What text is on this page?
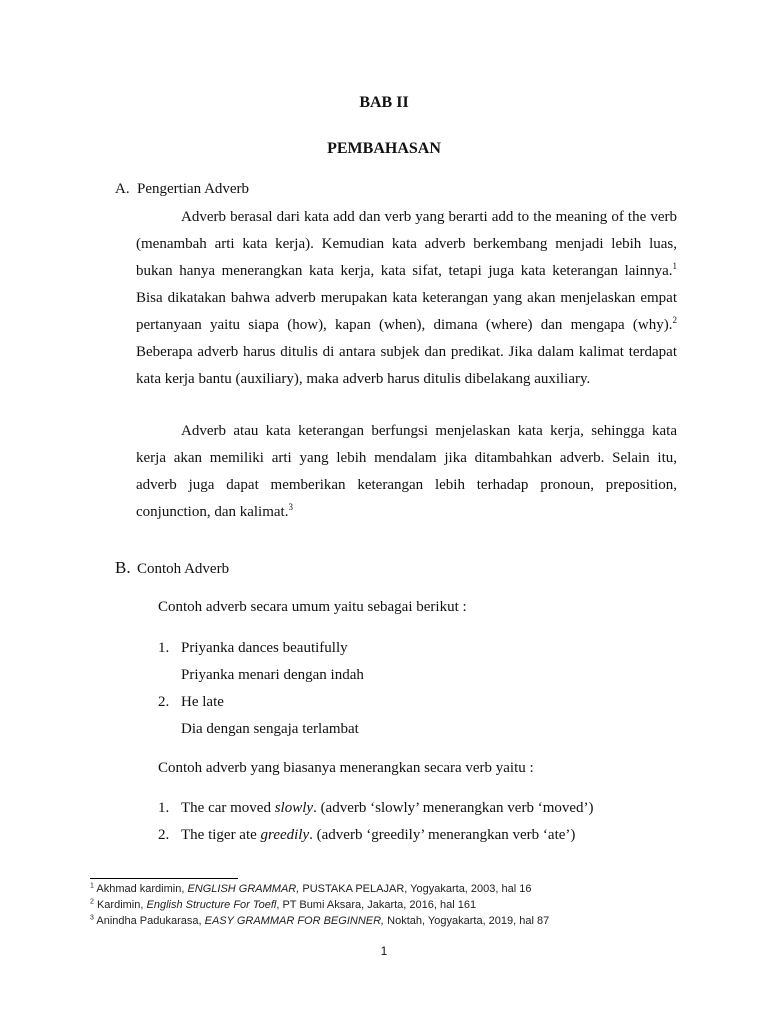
BAB II
PEMBAHASAN
A. Pengertian Adverb
Adverb berasal dari kata add dan verb yang berarti add to the meaning of the verb
(menambah arti kata kerja). Kemudian kata adverb berkembang menjadi lebih luas,
bukan hanya menerangkan kata kerja, kata sifat, tetapi juga kata keterangan lainnya.$^1$
Bisa dikatakan bahwa adverb merupakan kata keterangan yang akan menjelaskan empat
pertanyaan yaitu siapa (how), kapan (when), dimana (where) dan mengapa (why).$^2$
Beberapa adverb harus ditulis di antara subjek dan predikat. Jika dalam kalimat terdapat
kata kerja bantu (auxiliary), maka adverb harus ditulis dibelakang auxiliary.
Adverb atau kata keterangan berfungsi menjelaskan kata kerja, sehingga kata
kerja akan memiliki arti yang lebih mendalam jika ditambahkan adverb. Selain itu,
adverb juga dapat memberikan keterangan lebih terhadap pronoun, preposition,
conjunction, dan kalimat.$^3$
B. Contoh Adverb
Contoh adverb secara umum yaitu sebagai berikut :
1. Priyanka dances beautifully
Priyanka menari dengan indah
2. He late
Dia dengan sengaja terlambat
Contoh adverb yang biasanya menerangkan secara verb yaitu :
1. The car moved slowly. (adverb ‘slowly’ menerangkan verb ‘moved’)
2. The tiger ate greedily. (adverb ‘greedily’ menerangkan verb ‘ate’)
$^1$ Akhmad kardimin, ENGLISH GRAMMAR, PUSTAKA PELAJAR, Yogyakarta, 2003, hal 16
$^2$ Kardimin, English Structure For Toefl, PT Bumi Aksara, Jakarta, 2016, hal 161
$^3$ Anindha Padukarasa, EASY GRAMMAR FOR BEGINNER, Noktah, Yogyakarta, 2019, hal 87
1
